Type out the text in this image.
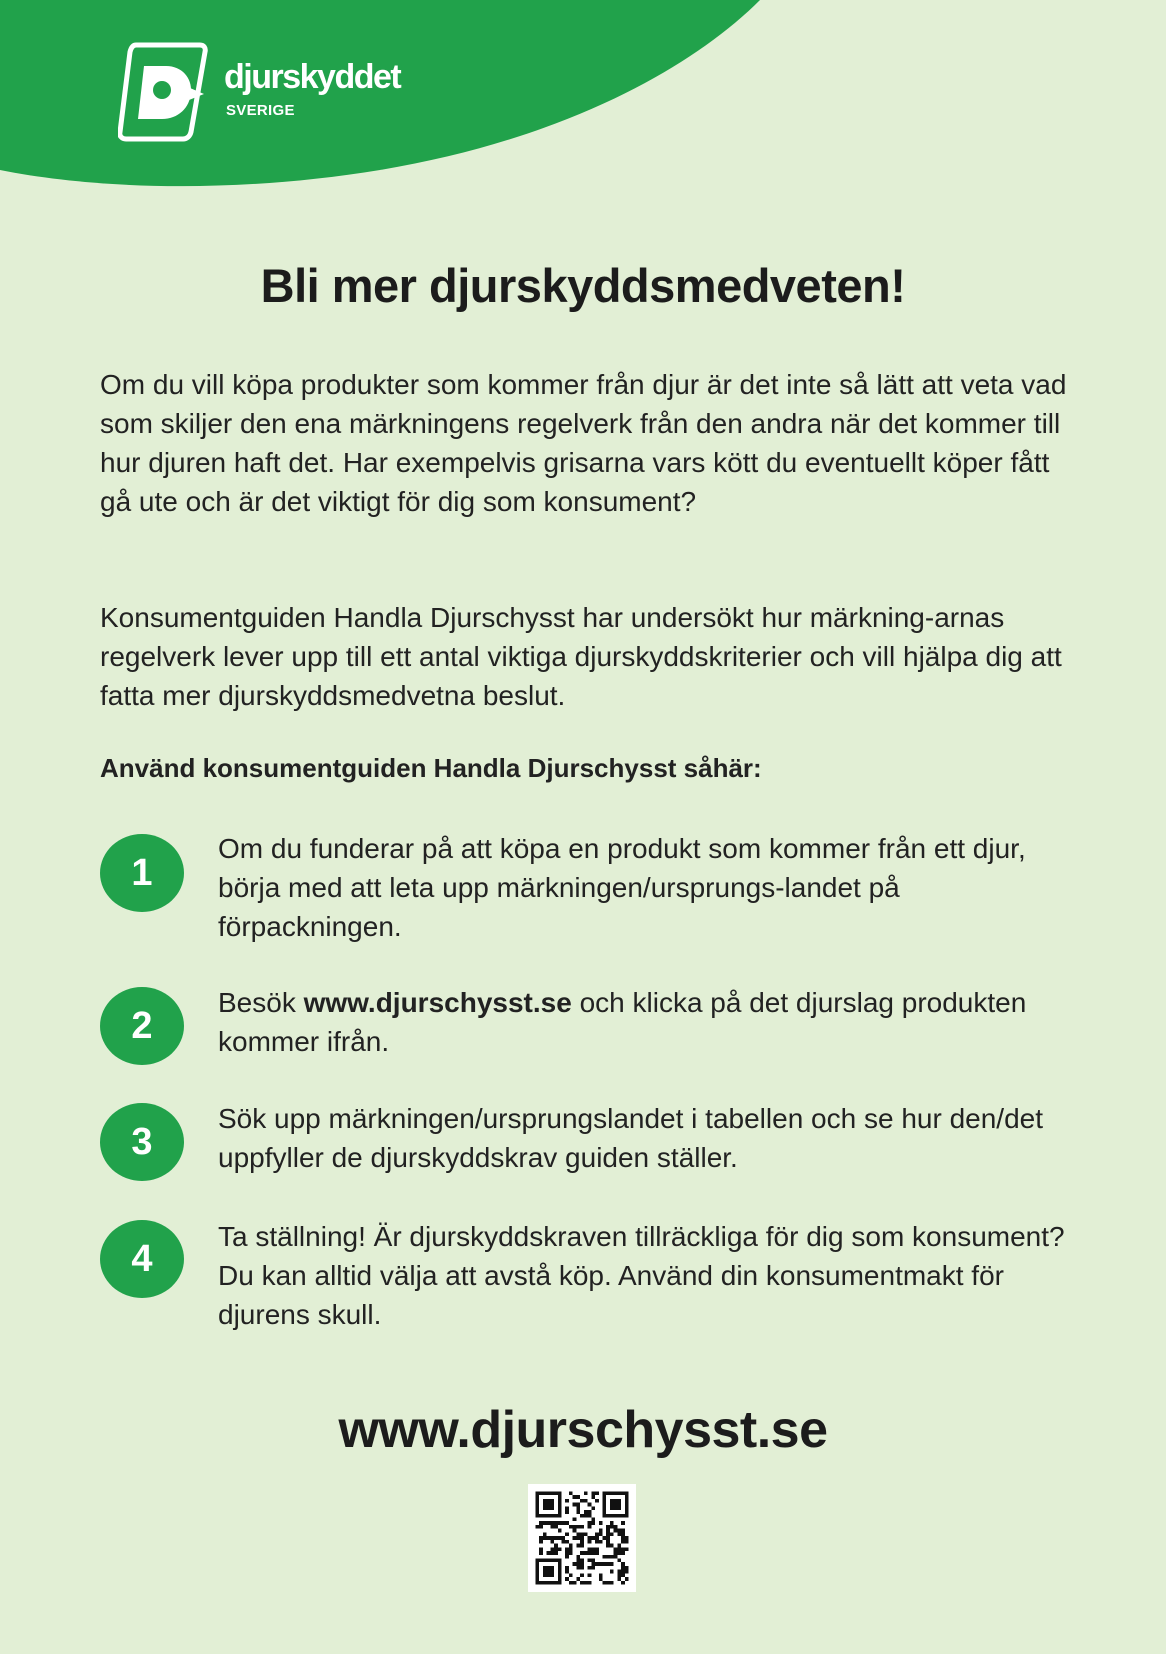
djurskyddet
SVERIGE
Bli mer djurskyddsmedveten!

Om du vill köpa produkter som kommer från djur är det inte så lätt att veta vad som skiljer den ena märkningens regelverk från den andra när det kommer till hur djuren haft det. Har exempelvis grisarna vars kött du eventuellt köper fått gå ute och är det viktigt för dig som konsument?

Konsumentguiden Handla Djurschysst har undersökt hur märkning-arnas regelverk lever upp till ett antal viktiga djurskyddskriterier och vill hjälpa dig att fatta mer djurskyddsmedvetna beslut.

Använd konsumentguiden Handla Djurschysst såhär:

1

Om du funderar på att köpa en produkt som kommer från ett djur, börja med att leta upp märkningen/ursprungs-landet på förpackningen.

2

Besök www.djurschysst.se och klicka på det djurslag produkten kommer ifrån.

3

Sök upp märkningen/ursprungslandet i tabellen och se hur den/det uppfyller de djurskyddskrav guiden ställer.

4

Ta ställning! Är djurskyddskraven tillräckliga för dig som konsument? Du kan alltid välja att avstå köp. Använd din konsumentmakt för djurens skull.

www.djurschysst.se
